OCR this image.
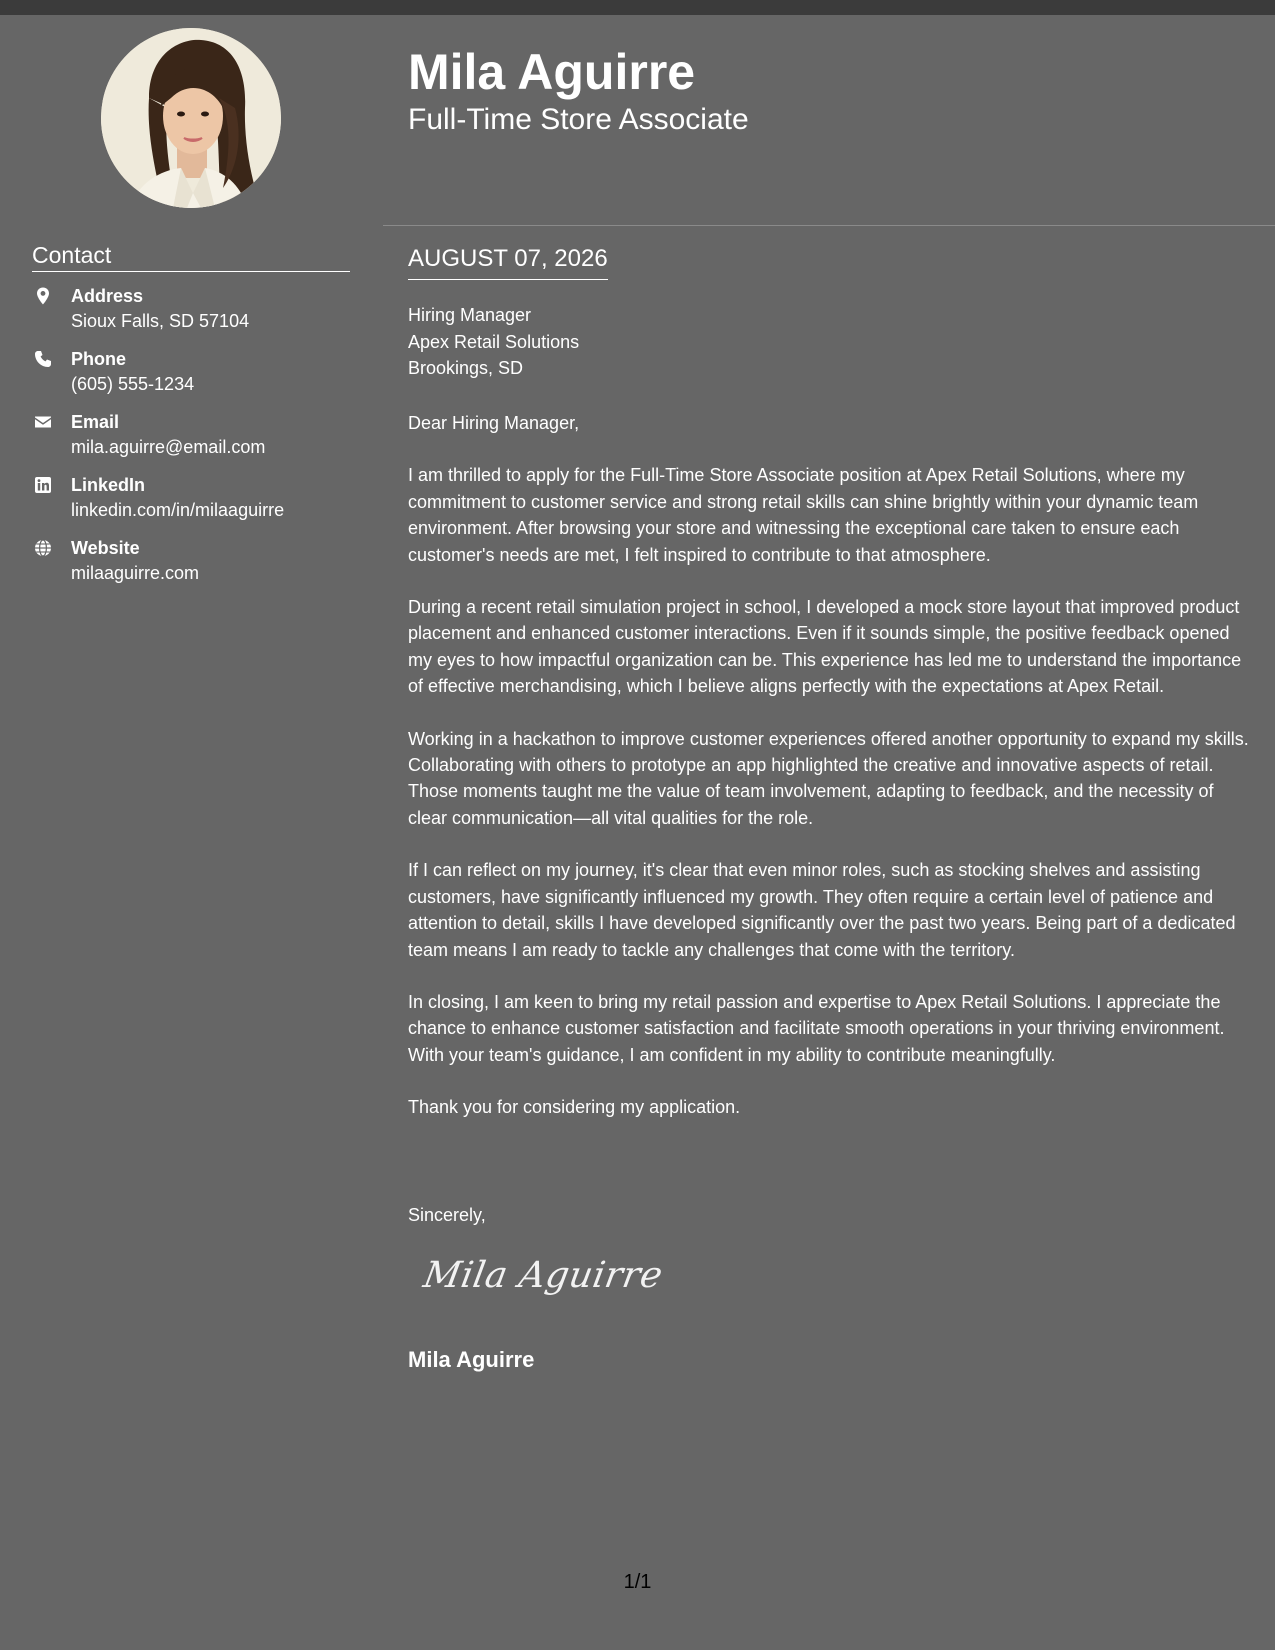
Contact
Address
Sioux Falls, SD 57104
Phone
(605) 555-1234
Email
mila.aguirre@email.com
LinkedIn
linkedin.com/in/milaaguirre
Website
milaaguirre.com
Mila Aguirre
Full-Time Store Associate
AUGUST 07, 2026
Hiring Manager
Apex Retail Solutions
Brookings, SD

Dear Hiring Manager,

I am thrilled to apply for the Full-Time Store Associate position at Apex Retail Solutions, where my commitment to customer service and strong retail skills can shine brightly within your dynamic team environment. After browsing your store and witnessing the exceptional care taken to ensure each customer's needs are met, I felt inspired to contribute to that atmosphere.

During a recent retail simulation project in school, I developed a mock store layout that improved product placement and enhanced customer interactions. Even if it sounds simple, the positive feedback opened my eyes to how impactful organization can be. This experience has led me to understand the importance of effective merchandising, which I believe aligns perfectly with the expectations at Apex Retail.

Working in a hackathon to improve customer experiences offered another opportunity to expand my skills. Collaborating with others to prototype an app highlighted the creative and innovative aspects of retail. Those moments taught me the value of team involvement, adapting to feedback, and the necessity of clear communication—all vital qualities for the role.

If I can reflect on my journey, it's clear that even minor roles, such as stocking shelves and assisting customers, have significantly influenced my growth. They often require a certain level of patience and attention to detail, skills I have developed significantly over the past two years. Being part of a dedicated team means I am ready to tackle any challenges that come with the territory.

In closing, I am keen to bring my retail passion and expertise to Apex Retail Solutions. I appreciate the chance to enhance customer satisfaction and facilitate smooth operations in your thriving environment. With your team's guidance, I am confident in my ability to contribute meaningfully.

Thank you for considering my application.

Sincerely,
Mila Aguirre
Mila Aguirre
1/1
